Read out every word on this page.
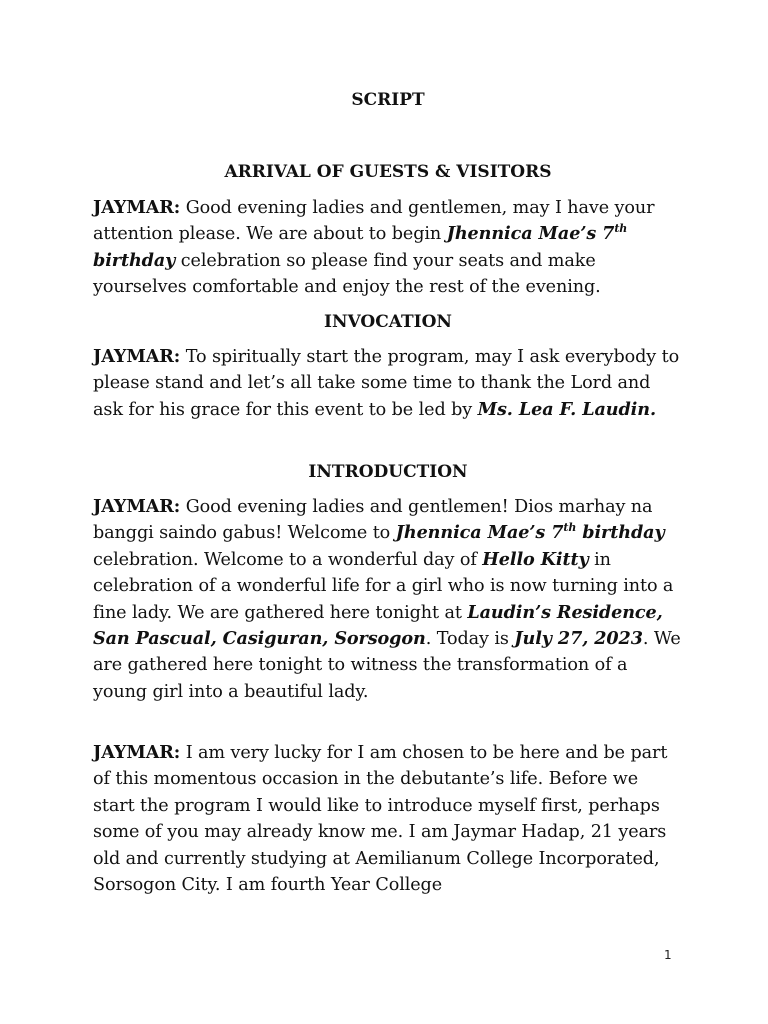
SCRIPT
ARRIVAL OF GUESTS & VISITORS

JAYMAR: Good evening ladies and gentlemen, may I have your attention please. We are about to begin Jhennica Mae’s 7th birthday celebration so please find your seats and make yourselves comfortable and enjoy the rest of the evening.

INVOCATION

JAYMAR: To spiritually start the program, may I ask everybody to please stand and let’s all take some time to thank the Lord and ask for his grace for this event to be led by Ms. Lea F. Laudin.

INTRODUCTION

JAYMAR: Good evening ladies and gentlemen! Dios marhay na banggi saindo gabus! Welcome to Jhennica Mae’s 7th birthday celebration. Welcome to a wonderful day of Hello Kitty in celebration of a wonderful life for a girl who is now turning into a fine lady. We are gathered here tonight at Laudin’s Residence, San Pascual, Casiguran, Sorsogon. Today is July 27, 2023. We are gathered here tonight to witness the transformation of a young girl into a beautiful lady.

JAYMAR: I am very lucky for I am chosen to be here and be part of this momentous occasion in the debutante’s life. Before we start the program I would like to introduce myself first, perhaps some of you may already know me. I am Jaymar Hadap, 21 years old and currently studying at Aemilianum College Incorporated, Sorsogon City. I am fourth Year College

1
